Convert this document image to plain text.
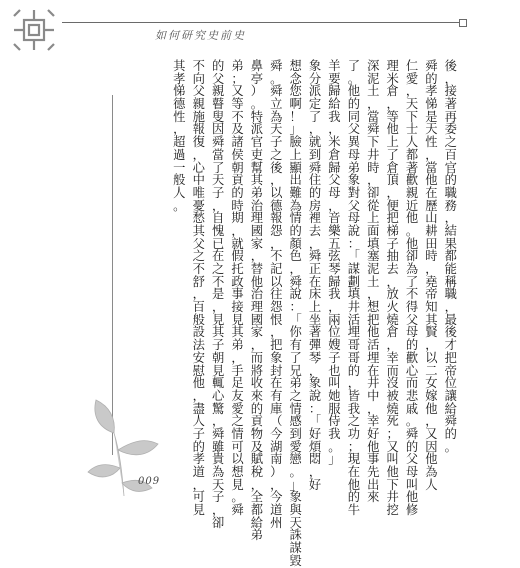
如何研究史前史
後
，
接
著
再
委
之
百
官
的
職
務
，
結
果
都
能
稱
職
，
最
後
才
把
帝
位
讓
給
舜
的
。
舜
的
孝
悌
是
天
性
，
當
他
在
歷
山
耕
田
時
，
堯
帝
知
其
賢
，
以
二
女
嫁
他
，
又
因
他
為
人
仁
愛
，
天
下
士
人
都
著
歡
親
近
他
。
他
卻
為
了
不
得
父
母
的
歡
心
而
悲
戚
。
舜
的
父
母
叫
他
修
理
米
倉
，
等
他
上
了
倉
頂
，
便
把
梯
子
抽
去
，
放
火
燒
倉
，
幸
而
沒
被
燒
死
；
又
叫
他
下
井
挖
深
泥
土
，
當
舜
下
井
時
，
卻
從
上
面
填
塞
泥
土
，
想
把
他
活
埋
在
井
中
，
幸
好
他
事
先
出
來
了
。
他
的
同
父
異
母
弟
象
對
父
母
說
：
「
謀
劃
填
井
活
埋
哥
哥
的
，
皆
我
之
功
；
現
在
他
的
牛
羊
要
歸
給
我
，
米
倉
歸
父
母
，
音
樂
五
弦
琴
歸
我
，
兩
位
嫂
子
也
叫
她
服
侍
我
。
」
象
分
派
定
了
，
就
到
舜
住
的
房
裡
去
，
舜
正
在
床
上
坐
著
彈
琴
，
象
說
：
「
好
煩
悶
，
好
想
念
您
啊
！
」
臉
上
顯
出
難
為
情
的
顏
色
，
舜
說
：
「
你
有
了
兄
弟
之
情
感
到
愛
戀
。
」
象
與
天
誅
謀
毀
舜
。
舜
立
為
天
子
之
後
，
以
德
報
怨
，
不
記
以
往
怨
恨
，
把
象
封
在
有
庫
（
今
湖
南
）
，
今
道
州
鼻
亭
）
。
特
派
官
吏
幫
其
弟
治
理
國
家
，
替
他
治
理
國
家
，
而
將
收
來
的
貢
物
及
賦
稅
，
全
都
給
弟
弟
；
又
等
不
及
諸
侯
朝
貢
的
時
期
，
就
假
托
政
事
接
見
其
弟
，
手
足
友
愛
之
情
可
以
想
見
。
舜
的
父
親
瞽
叟
因
舜
當
了
天
子
，
自
愧
已
在
之
不
是
，
見
其
子
朝
見
輒
心
驚
，
舜
雖
貴
為
天
子
，
卻
不
向
父
親
施
報
復
，
心
中
唯
憂
愁
其
父
之
不
舒
，
百
般
設
法
安
慰
他
，
盡
人
子
的
孝
道
，
可
見
其
孝
悌
德
性
，
超
過
一
般
人
。
009
